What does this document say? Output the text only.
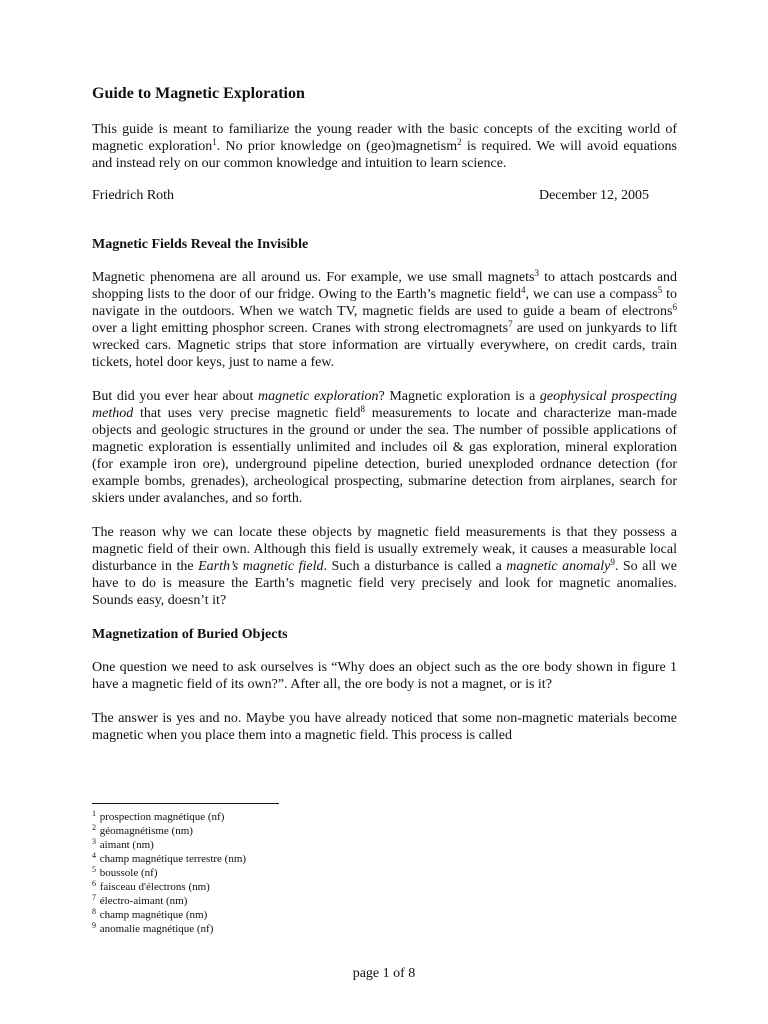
Guide to Magnetic Exploration

This guide is meant to familiarize the young reader with the basic concepts of the exciting world of magnetic exploration$^1$. No prior knowledge on (geo)magnetism$^2$ is required. We will avoid equations and instead rely on our common knowledge and intuition to learn science.

Friedrich Roth	December 12, 2005
Magnetic Fields Reveal the Invisible

Magnetic phenomena are all around us. For example, we use small magnets$^3$ to attach postcards and shopping lists to the door of our fridge. Owing to the Earth’s magnetic field$^4$, we can use a compass$^5$ to navigate in the outdoors. When we watch TV, magnetic fields are used to guide a beam of electrons$^6$ over a light emitting phosphor screen. Cranes with strong electromagnets$^7$ are used on junkyards to lift wrecked cars. Magnetic strips that store information are virtually everywhere, on credit cards, train tickets, hotel door keys, just to name a few.

But did you ever hear about magnetic exploration? Magnetic exploration is a geophysical prospecting method that uses very precise magnetic field$^8$ measurements to locate and characterize man-made objects and geologic structures in the ground or under the sea. The number of possible applications of magnetic exploration is essentially unlimited and includes oil & gas exploration, mineral exploration (for example iron ore), underground pipeline detection, buried unexploded ordnance detection (for example bombs, grenades), archeological prospecting, submarine detection from airplanes, search for skiers under avalanches, and so forth.

The reason why we can locate these objects by magnetic field measurements is that they possess a magnetic field of their own. Although this field is usually extremely weak, it causes a measurable local disturbance in the Earth’s magnetic field. Such a disturbance is called a magnetic anomaly$^9$. So all we have to do is measure the Earth’s magnetic field very precisely and look for magnetic anomalies. Sounds easy, doesn’t it?

Magnetization of Buried Objects

One question we need to ask ourselves is “Why does an object such as the ore body shown in figure 1 have a magnetic field of its own?”. After all, the ore body is not a magnet, or is it?

The answer is yes and no. Maybe you have already noticed that some non-magnetic materials become magnetic when you place them into a magnetic field. This process is called

$^1$ prospection magnétique (nf)
$^2$ géomagnétisme (nm)
$^3$ aimant (nm)
$^4$ champ magnétique terrestre (nm)
$^5$ boussole (nf)
$^6$ faisceau d'électrons (nm)
$^7$ électro-aimant (nm)
$^8$ champ magnétique (nm)
$^9$ anomalie magnétique (nf)
page 1 of 8
